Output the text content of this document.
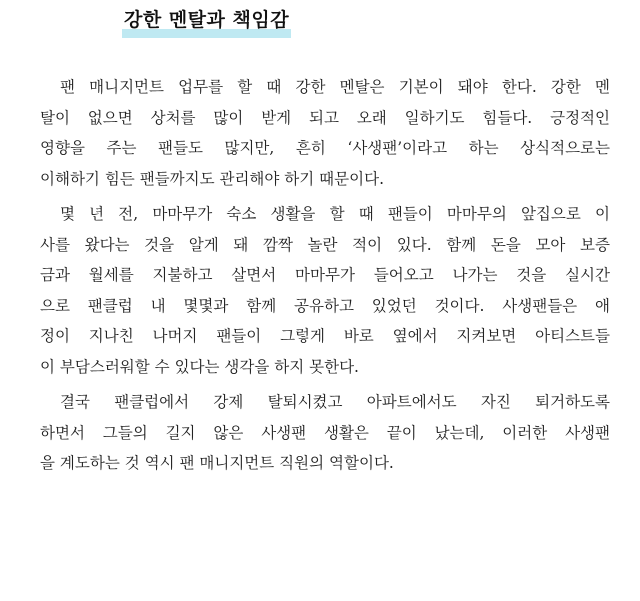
강한 멘탈과 책임감

팬 매니지먼트 업무를 할 때 강한 멘탈은 기본이 돼야 한다. 강한 멘
탈이 없으면 상처를 많이 받게 되고 오래 일하기도 힘들다. 긍정적인
영향을 주는 팬들도 많지만, 흔히 ‘사생팬’이라고 하는 상식적으로는
이해하기 힘든 팬들까지도 관리해야 하기 때문이다.

몇 년 전, 마마무가 숙소 생활을 할 때 팬들이 마마무의 앞집으로 이
사를 왔다는 것을 알게 돼 깜짝 놀란 적이 있다. 함께 돈을 모아 보증
금과 월세를 지불하고 살면서 마마무가 들어오고 나가는 것을 실시간
으로 팬클럽 내 몇몇과 함께 공유하고 있었던 것이다. 사생팬들은 애
정이 지나친 나머지 팬들이 그렇게 바로 옆에서 지켜보면 아티스트들
이 부담스러워할 수 있다는 생각을 하지 못한다.

결국 팬클럽에서 강제 탈퇴시켰고 아파트에서도 자진 퇴거하도록
하면서 그들의 길지 않은 사생팬 생활은 끝이 났는데, 이러한 사생팬
을 계도하는 것 역시 팬 매니지먼트 직원의 역할이다.
